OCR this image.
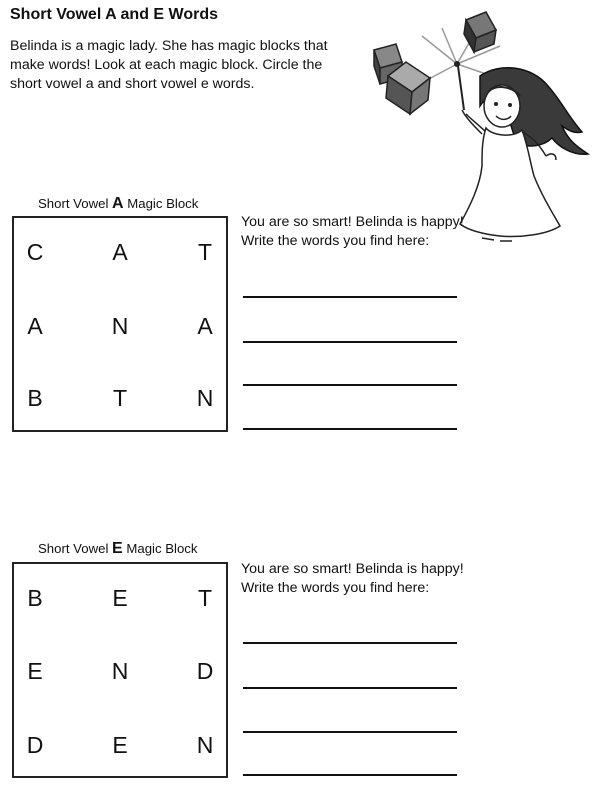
Short Vowel A and E Words
Belinda is a magic lady. She has magic blocks that
make words! Look at each magic block. Circle the
short vowel a and short vowel e words.
Short Vowel A Magic Block
C	A	T
A	N	A
B	T	N
You are so smart! Belinda is happy!
Write the words you find here:
Short Vowel E Magic Block
B	E	T
E	N	D
D	E	N
You are so smart! Belinda is happy!
Write the words you find here:
